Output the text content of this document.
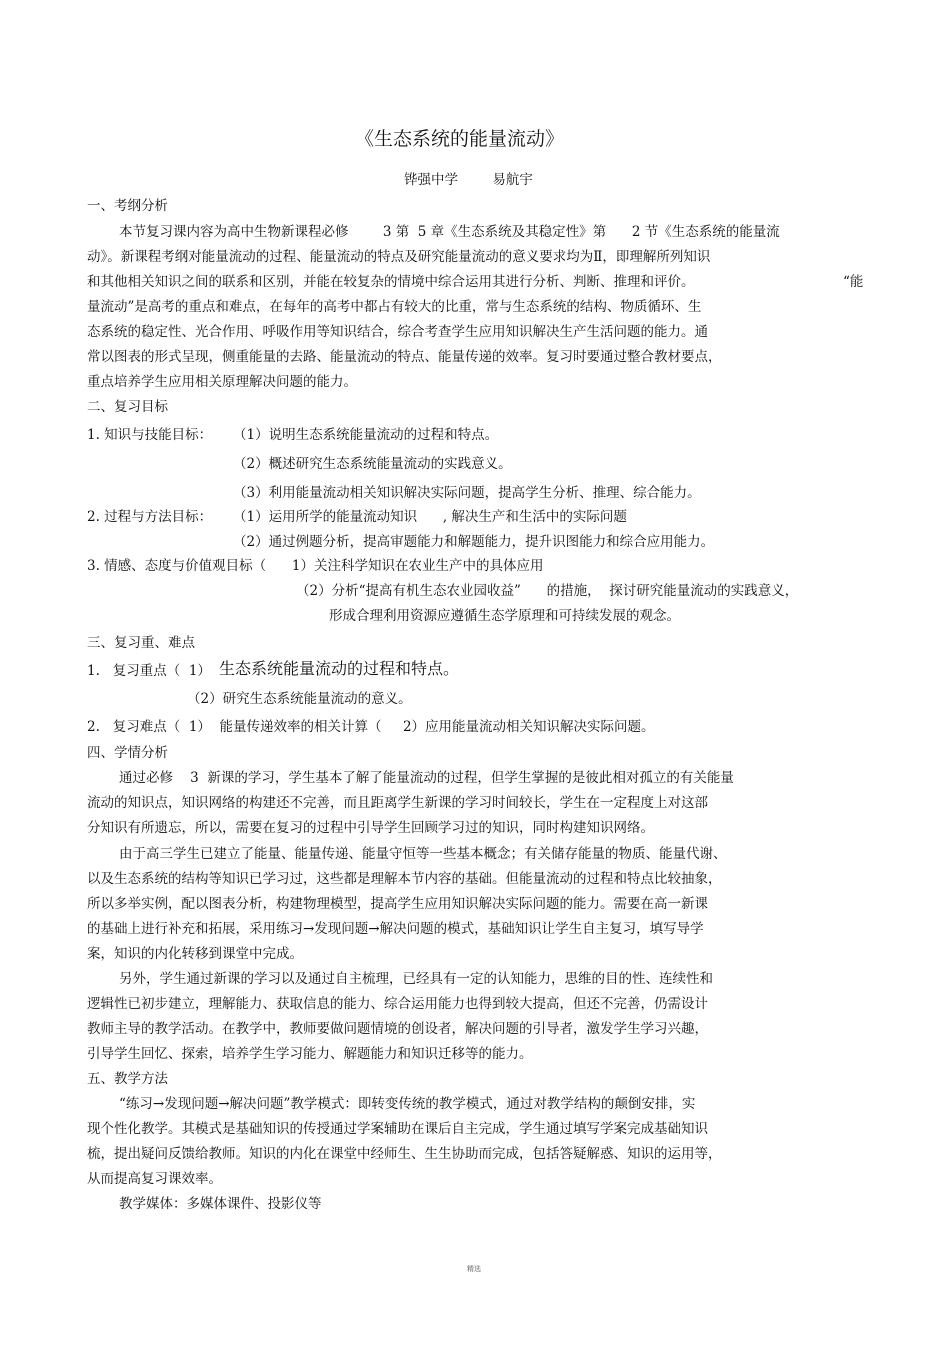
《生态系统的能量流动》
铧强中学        易航宇
一、考纲分析
本节复习课内容为高中生物新课程必修        3 第  5 章《生态系统及其稳定性》第      2 节《生态系统的能量流
动》。新课程考纲对能量流动的过程、能量流动的特点及研究能量流动的意义要求均为Ⅱ，即理解所列知识
和其他相关知识之间的联系和区别，并能在较复杂的情境中综合运用其进行分析、判断、推理和评价。	“能
量流动”是高考的重点和难点，在每年的高考中都占有较大的比重，常与生态系统的结构、物质循环、生
态系统的稳定性、光合作用、呼吸作用等知识结合，综合考查学生应用知识解决生产生活问题的能力。通
常以图表的形式呈现，侧重能量的去路、能量流动的特点、能量传递的效率。复习时要通过整合教材要点，
重点培养学生应用相关原理解决问题的能力。
二、复习目标
1. 知识与技能目标： （1）说明生态系统能量流动的过程和特点。
（2）概述研究生态系统能量流动的实践意义。
（3）利用能量流动相关知识解决实际问题，提高学生分析、推理、综合能力。
2. 过程与方法目标： （1）运用所学的能量流动知识      , 解决生产和生活中的实际问题
（2）通过例题分析，提高审题能力和解题能力，提升识图能力和综合应用能力。
3. 情感、态度与价值观目标（      1）关注科学知识在农业生产中的具体应用
（2）分析“提高有机生态农业园收益”      的措施，  探讨研究能量流动的实践意义，
形成合理利用资源应遵循生态学原理和可持续发展的观念。
三、复习重、难点
1.   复习重点（  1） 生态系统能量流动的过程和特点。
（2）研究生态系统能量流动的意义。
2.   复习难点（  1）  能量传递效率的相关计算（     2）应用能量流动相关知识解决实际问题。
四、学情分析
通过必修    3  新课的学习，学生基本了解了能量流动的过程，但学生掌握的是彼此相对孤立的有关能量
流动的知识点，知识网络的构建还不完善，而且距离学生新课的学习时间较长，学生在一定程度上对这部
分知识有所遗忘，所以，需要在复习的过程中引导学生回顾学习过的知识，同时构建知识网络。
由于高三学生已建立了能量、能量传递、能量守恒等一些基本概念；有关储存能量的物质、能量代谢、
以及生态系统的结构等知识已学习过，这些都是理解本节内容的基础。但能量流动的过程和特点比较抽象，
所以多举实例，配以图表分析，构建物理模型，提高学生应用知识解决实际问题的能力。需要在高一新课
的基础上进行补充和拓展，采用练习→发现问题→解决问题的模式，基础知识让学生自主复习，填写导学
案，知识的内化转移到课堂中完成。
另外，学生通过新课的学习以及通过自主梳理，已经具有一定的认知能力，思维的目的性、连续性和
逻辑性已初步建立，理解能力、获取信息的能力、综合运用能力也得到较大提高，但还不完善，仍需设计
教师主导的教学活动。在教学中，教师要做问题情境的创设者，解决问题的引导者，激发学生学习兴趣，
引导学生回忆、探索，培养学生学习能力、解题能力和知识迁移等的能力。
五、教学方法
“练习→发现问题→解决问题”教学模式：即转变传统的教学模式，通过对教学结构的颠倒安排，实
现个性化教学。其模式是基础知识的传授通过学案辅助在课后自主完成，学生通过填写学案完成基础知识
梳，提出疑问反馈给教师。知识的内化在课堂中经师生、生生协助而完成，包括答疑解惑、知识的运用等，
从而提高复习课效率。
教学媒体：多媒体课件、投影仪等
精选
